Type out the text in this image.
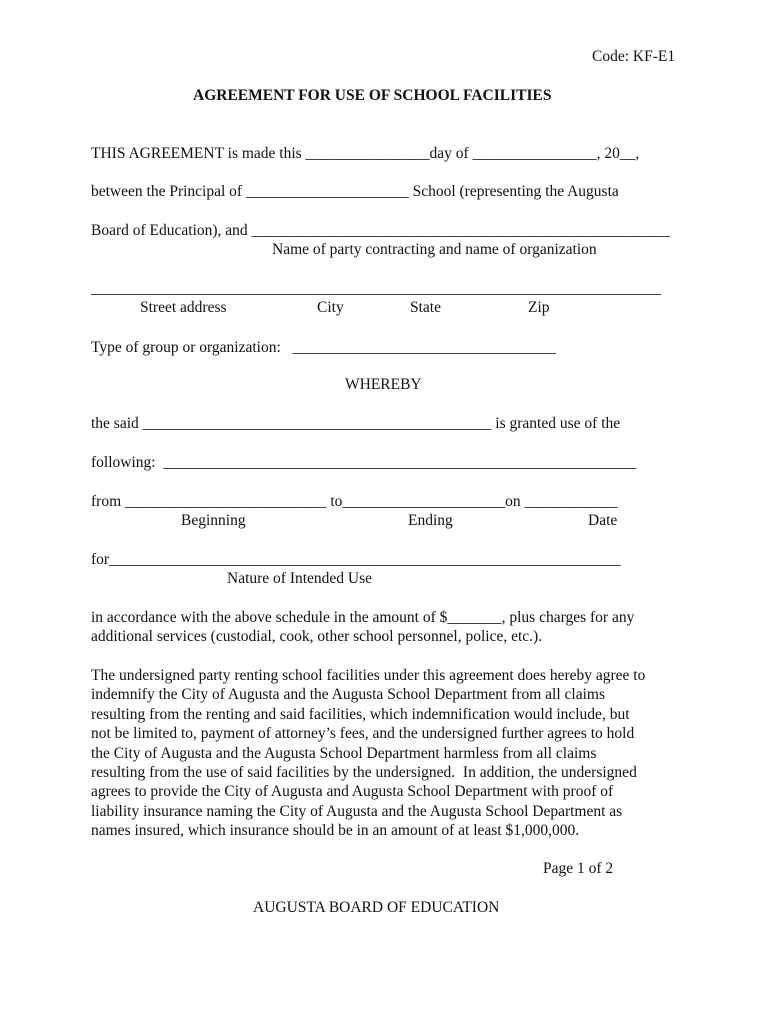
Code: KF-E1
AGREEMENT FOR USE OF SCHOOL FACILITIES
THIS AGREEMENT is made this ________________day of ________________, 20__,
between the Principal of _____________________ School (representing the Augusta
Board of Education), and ______________________________________________________
Name of party contracting and name of organization
___________________________________________________________________________
Street address	City	State	Zip
Type of group or organization:   __________________________________
WHEREBY
the said _____________________________________________ is granted use of the
following:  _____________________________________________________________
from __________________________ to_____________________on ____________
Beginning	Ending	Date
for__________________________________________________________________
Nature of Intended Use
in accordance with the above schedule in the amount of $_______, plus charges for any
additional services (custodial, cook, other school personnel, police, etc.).
The undersigned party renting school facilities under this agreement does hereby agree to
indemnify the City of Augusta and the Augusta School Department from all claims
resulting from the renting and said facilities, which indemnification would include, but
not be limited to, payment of attorney’s fees, and the undersigned further agrees to hold
the City of Augusta and the Augusta School Department harmless from all claims
resulting from the use of said facilities by the undersigned.  In addition, the undersigned
agrees to provide the City of Augusta and Augusta School Department with proof of
liability insurance naming the City of Augusta and the Augusta School Department as
names insured, which insurance should be in an amount of at least $1,000,000.
Page 1 of 2
AUGUSTA BOARD OF EDUCATION
